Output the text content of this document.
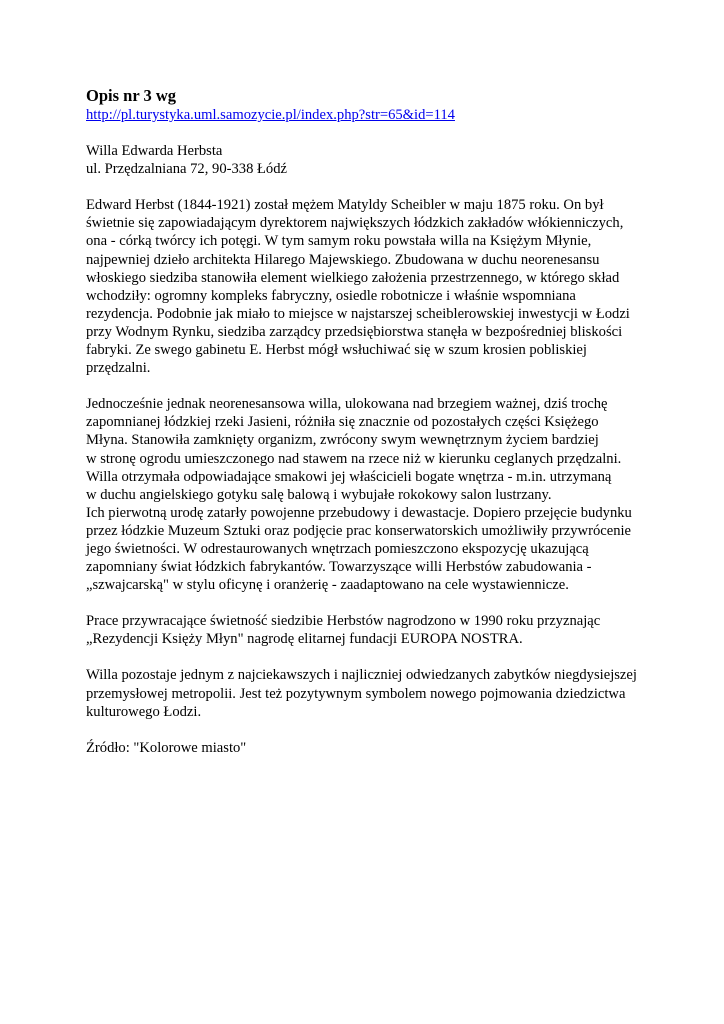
Opis nr 3 wg
http://pl.turystyka.uml.samozycie.pl/index.php?str=65&id=114
Willa Edwarda Herbsta
ul. Przędzalniana 72, 90-338 Łódź
Edward Herbst (1844-1921) został mężem Matyldy Scheibler w maju 1875 roku. On był
świetnie się zapowiadającym dyrektorem największych łódzkich zakładów włókienniczych,
ona - córką twórcy ich potęgi. W tym samym roku powstała willa na Księżym Młynie,
najpewniej dzieło architekta Hilarego Majewskiego. Zbudowana w duchu neorenesansu
włoskiego siedziba stanowiła element wielkiego założenia przestrzennego, w którego skład
wchodziły: ogromny kompleks fabryczny, osiedle robotnicze i właśnie wspomniana
rezydencja. Podobnie jak miało to miejsce w najstarszej scheiblerowskiej inwestycji w Łodzi
przy Wodnym Rynku, siedziba zarządcy przedsiębiorstwa stanęła w bezpośredniej bliskości
fabryki. Ze swego gabinetu E. Herbst mógł wsłuchiwać się w szum krosien pobliskiej
przędzalni.
Jednocześnie jednak neorenesansowa willa, ulokowana nad brzegiem ważnej, dziś trochę
zapomnianej łódzkiej rzeki Jasieni, różniła się znacznie od pozostałych części Księżego
Młyna. Stanowiła zamknięty organizm, zwrócony swym wewnętrznym życiem bardziej
w stronę ogrodu umieszczonego nad stawem na rzece niż w kierunku ceglanych przędzalni.
Willa otrzymała odpowiadające smakowi jej właścicieli bogate wnętrza - m.in. utrzymaną
w duchu angielskiego gotyku salę balową i wybujałe rokokowy salon lustrzany.
Ich pierwotną urodę zatarły powojenne przebudowy i dewastacje. Dopiero przejęcie budynku
przez łódzkie Muzeum Sztuki oraz podjęcie prac konserwatorskich umożliwiły przywrócenie
jego świetności. W odrestaurowanych wnętrzach pomieszczono ekspozycję ukazującą
zapomniany świat łódzkich fabrykantów. Towarzyszące willi Herbstów zabudowania -
„szwajcarską" w stylu oficynę i oranżerię - zaadaptowano na cele wystawiennicze.
Prace przywracające świetność siedzibie Herbstów nagrodzono w 1990 roku przyznając
„Rezydencji Księży Młyn" nagrodę elitarnej fundacji EUROPA NOSTRA.
Willa pozostaje jednym z najciekawszych i najliczniej odwiedzanych zabytków niegdysiejszej
przemysłowej metropolii. Jest też pozytywnym symbolem nowego pojmowania dziedzictwa
kulturowego Łodzi.
Źródło: "Kolorowe miasto"
